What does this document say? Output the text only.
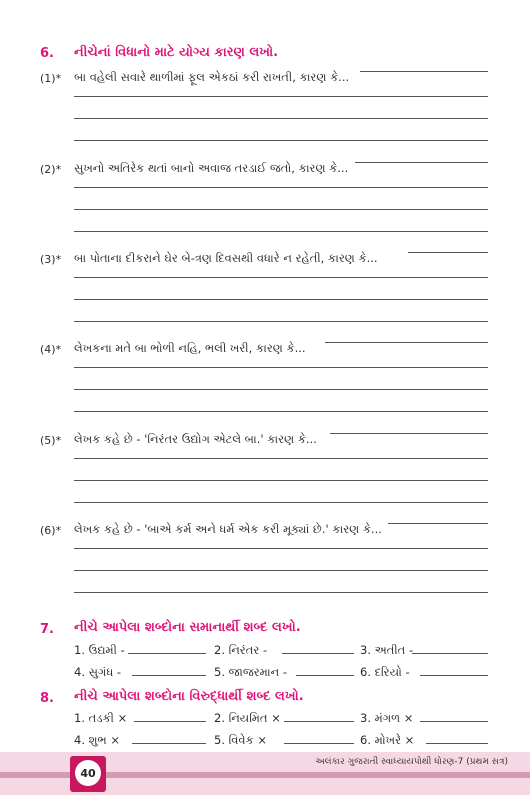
6. નીચેનાં વિધાનો માટે યોગ્ય કારણ લખો.
(1)* બા વહેલી સવારે થાળીમાં ફૂલ એકઠાં કરી રાખતી, કારણ કે...
(2)* સુખનો અતિરેક થતાં બાનો અવાજ તરડાઈ જતો, કારણ કે...
(3)* બા પોતાના દીકરાને ઘેર બે-ત્રણ દિવસથી વધારે ન રહેતી, કારણ કે...
(4)* લેખકના મતે બા ભોળી નહિ, ભલી ખરી, કારણ કે...
(5)* લેખક કહે છે - 'નિરંતર ઉદ્યોગ એટલે બા.' કારણ કે...
(6)* લેખક કહે છે - 'બાએ કર્મ અને ધર્મ એક કરી મૂક્યાં છે.' કારણ કે...
7. નીચે આપેલા શબ્દોના સમાનાર્થી શબ્દ લખો.
1. ઉદ્યમી -	2. નિરંતર -	3. અતીત -
4. સુગંધ -	5. જાજરમાન -	6. દરિયો -
8. નીચે આપેલા શબ્દોના વિરુદ્ધાર્થી શબ્દ લખો.
1. તડકી ×	2. નિયમિત ×	3. મંગળ ×
4. શુભ ×	5. વિવેક ×	6. મોખરે ×
અલંકાર ગુજરાતી સ્વાધ્યાયપોથી ધોરણ-7 (પ્રથમ સત્ર)
40
